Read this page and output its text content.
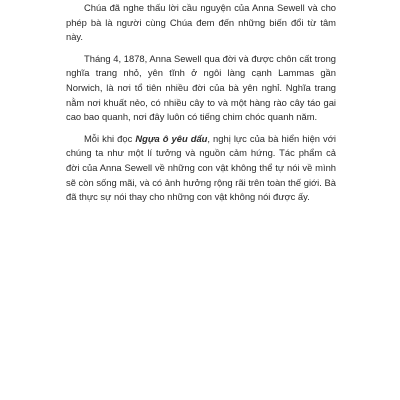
Chúa đã nghe thấu lời cầu nguyện của Anna Sewell và cho phép bà là người cùng Chúa đem đến những biến đổi từ tâm này.

Tháng 4, 1878, Anna Sewell qua đời và được chôn cất trong nghĩa trang nhỏ, yên tĩnh ở ngôi làng cạnh Lammas gần Norwich, là nơi tổ tiên nhiều đời của bà yên nghỉ. Nghĩa trang nằm nơi khuất nẻo, có nhiều cây to và một hàng rào cây táo gai cao bao quanh, nơi đây luôn có tiếng chim chóc quanh năm.

Mỗi khi đọc Ngựa ô yêu dấu, nghị lực của bà hiển hiện với chúng ta như một lí tưởng và nguồn cảm hứng. Tác phẩm cả đời của Anna Sewell về những con vật không thể tự nói về mình sẽ còn sống mãi, và có ảnh hưởng rộng rãi trên toàn thế giới. Bà đã thực sự nói thay cho những con vật không nói được ấy.
